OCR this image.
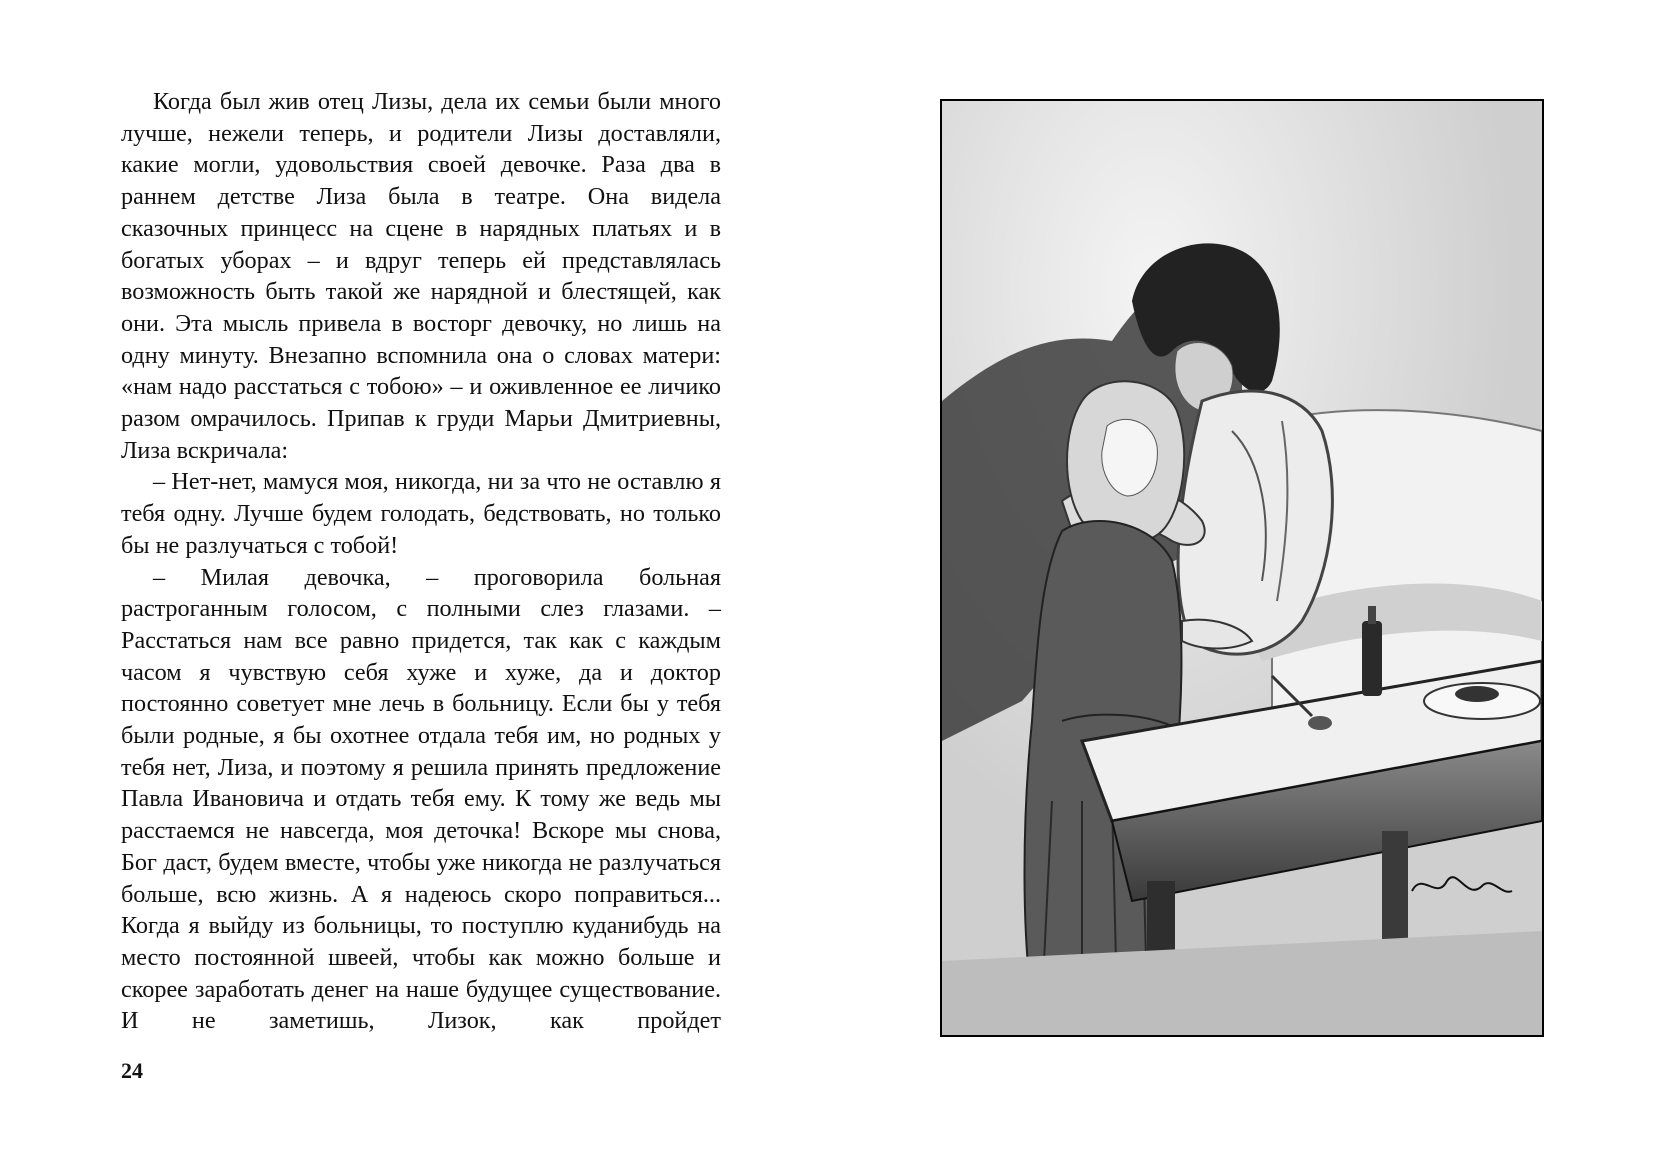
Когда был жив отец Лизы, дела их семьи были много лучше, нежели теперь, и родители Лизы доставляли, какие могли, удовольствия своей девочке. Раза два в раннем детстве Лиза была в театре. Она видела сказочных принцесс на сцене в нарядных платьях и в богатых уборах – и вдруг теперь ей представлялась возможность быть такой же нарядной и блестящей, как они. Эта мысль привела в восторг девочку, но лишь на одну минуту. Внезапно вспомнила она о словах матери: «нам надо расстаться с тобою» – и оживленное ее личико разом омрачилось. Припав к груди Марьи Дмитриевны, Лиза вскричала:

– Нет-нет, мамуся моя, никогда, ни за что не оставлю я тебя одну. Лучше будем голодать, бедствовать, но только бы не разлучаться с тобой!

– Милая девочка, – проговорила больная растроганным голосом, с полными слез глазами. – Расстаться нам все равно придется, так как с каждым часом я чувствую себя хуже и хуже, да и доктор постоянно советует мне лечь в больницу. Если бы у тебя были родные, я бы охотнее отдала тебя им, но родных у тебя нет, Лиза, и поэтому я решила принять предложение Павла Ивановича и отдать тебя ему. К тому же ведь мы расстаемся не навсегда, моя деточка! Вскоре мы снова, Бог даст, будем вместе, чтобы уже никогда не разлучаться больше, всю жизнь. А я надеюсь скоро поправиться... Когда я выйду из больницы, то поступлю куданибудь на место постоянной швеей, чтобы как можно больше и скорее заработать денег на наше будущее существование. И не заметишь, Лизок, как пройдет

24
